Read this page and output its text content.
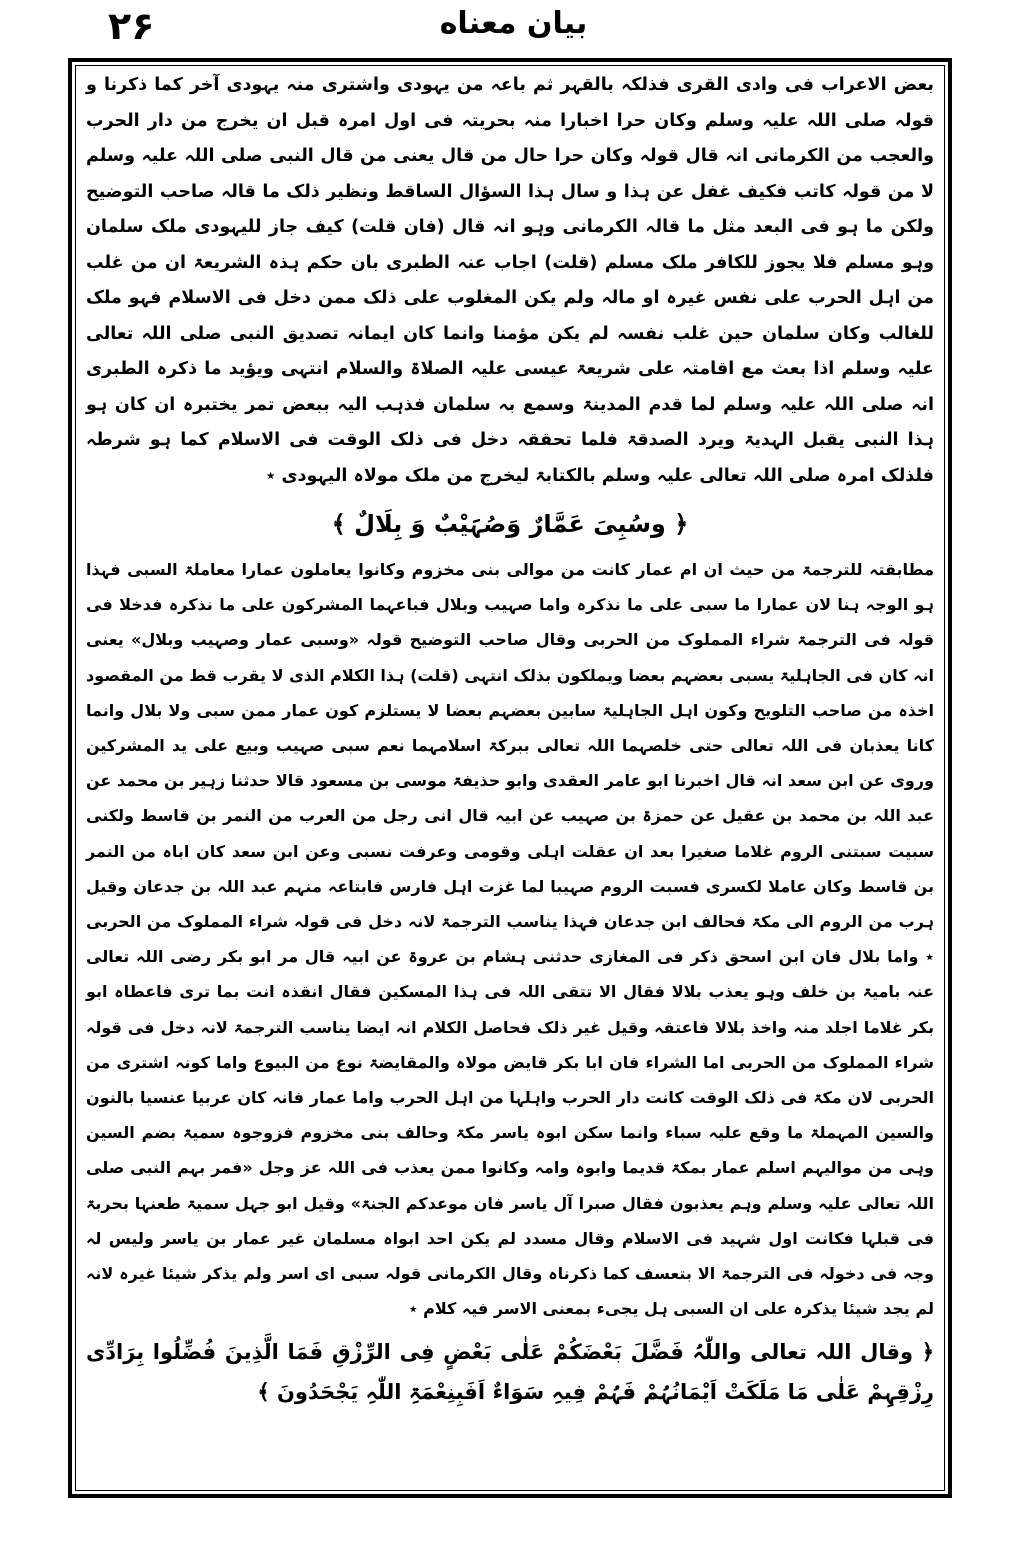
۲۶	بیان معناه

بعض الاعراب فی وادی القری فذلکہ بالقہر ثم باعہ من یہودی واشتری منہ یہودی آخر کما ذکرنا و قولہ صلی اللہ علیہ وسلم وکان حرا اخبارا منہ بحریتہ فی اول امرہ قبل ان یخرج من دار الحرب والعجب من الکرمانی انہ قال قولہ وکان حرا حال من قال یعنی من قال النبی صلی اللہ علیہ وسلم لا من قولہ کاتب فکیف غفل عن ہذا و سال ہذا السؤال الساقط ونظیر ذلک ما قالہ صاحب التوضیح ولکن ما ہو فی البعد مثل ما قالہ الکرمانی وہو انہ قال (فان قلت) کیف جاز للیہودی ملک سلمان وہو مسلم فلا یجوز للکافر ملک مسلم (قلت) اجاب عنہ الطبری بان حکم ہذہ الشریعۃ ان من غلب من اہل الحرب علی نفس غیرہ او مالہ ولم یکن المغلوب علی ذلک ممن دخل فی الاسلام فہو ملک للغالب وکان سلمان حین غلب نفسہ لم یکن مؤمنا وانما کان ایمانہ تصدیق النبی صلی اللہ تعالی علیہ وسلم اذا بعث مع اقامتہ علی شریعۃ عیسی علیہ الصلاۃ والسلام انتہی ویؤید ما ذکرہ الطبری انہ صلی اللہ علیہ وسلم لما قدم المدینۃ وسمع بہ سلمان فذہب الیہ ببعض تمر یختبرہ ان کان ہو ہذا النبی یقبل الہدیۃ ویرد الصدقۃ فلما تحققہ دخل فی ذلک الوقت فی الاسلام کما ہو شرطہ فلذلک امرہ صلی اللہ تعالی علیہ وسلم بالکتابۃ لیخرج من ملک مولاہ الیہودی ٭

﴿ وسُبِیَ عَمَّارٌ وَصُہَیْبٌ وَ بِلَالٌ ﴾

مطابقتہ للترجمۃ من حیث ان ام عمار کانت من موالی بنی مخزوم وکانوا یعاملون عمارا معاملۃ السبی فہذا ہو الوجہ ہنا لان عمارا ما سبی علی ما نذکرہ واما صہیب وبلال فباعہما المشرکون علی ما نذکرہ فدخلا فی قولہ فی الترجمۃ شراء المملوک من الحربی وقال صاحب التوضیح قولہ «وسبی عمار وصہیب وبلال» یعنی انہ کان فی الجاہلیۃ یسبی بعضہم بعضا ویملکون بذلک انتہی (قلت) ہذا الکلام الذی لا یقرب قط من المقصود اخذہ من صاحب التلویح وکون اہل الجاہلیۃ سابین بعضہم بعضا لا یستلزم کون عمار ممن سبی ولا بلال وانما کانا یعذبان فی اللہ تعالی حتی خلصہما اللہ تعالی ببرکۃ اسلامہما نعم سبی صہیب وبیع علی ید المشرکین وروی عن ابن سعد انہ قال اخبرنا ابو عامر العقدی وابو حذیفۃ موسی بن مسعود قالا حدثنا زہیر بن محمد عن عبد اللہ بن محمد بن عقیل عن حمزۃ بن صہیب عن ابیہ قال انی رجل من العرب من النمر بن قاسط ولکنی سبیت سبتنی الروم غلاما صغیرا بعد ان عقلت اہلی وقومی وعرفت نسبی وعن ابن سعد کان اباہ من النمر بن قاسط وکان عاملا لکسری فسبت الروم صہیبا لما غزت اہل فارس فابتاعہ منہم عبد اللہ بن جدعان وقیل ہرب من الروم الی مکۃ فحالف ابن جدعان فہذا یناسب الترجمۃ لانہ دخل فی قولہ شراء المملوک من الحربی ٭ واما بلال فان ابن اسحق ذکر فی المغازی حدثنی ہشام بن عروۃ عن ابیہ قال مر ابو بکر رضی اللہ تعالی عنہ بامیۃ بن خلف وہو یعذب بلالا فقال الا تتقی اللہ فی ہذا المسکین فقال انقذہ انت بما تری فاعطاہ ابو بکر غلاما اجلد منہ واخذ بلالا فاعتقہ وقیل غیر ذلک فحاصل الکلام انہ ایضا یناسب الترجمۃ لانہ دخل فی قولہ شراء المملوک من الحربی اما الشراء فان ابا بکر قایض مولاہ والمقایضۃ نوع من البیوع واما کونہ اشتری من الحربی لان مکۃ فی ذلک الوقت کانت دار الحرب واہلہا من اہل الحرب واما عمار فانہ کان عربیا عنسیا بالنون والسین المہملۃ ما وقع علیہ سباء وانما سکن ابوہ یاسر مکۃ وحالف بنی مخزوم فزوجوہ سمیۃ بضم السین وہی من موالیہم اسلم عمار بمکۃ قدیما وابوہ وامہ وکانوا ممن یعذب فی اللہ عز وجل «فمر بہم النبی صلی اللہ تعالی علیہ وسلم وہم یعذبون فقال صبرا آل یاسر فان موعدکم الجنۃ» وقیل ابو جہل سمیۃ طعنہا بحربۃ فی قبلہا فکانت اول شہید فی الاسلام وقال مسدد لم یکن احد ابواہ مسلمان غیر عمار بن یاسر ولیس لہ وجہ فی دخولہ فی الترجمۃ الا بتعسف کما ذکرناہ وقال الکرمانی قولہ سبی ای اسر ولم یذکر شیئا غیرہ لانہ لم یجد شیئا یذکرہ علی ان السبی ہل یجیء بمعنی الاسر فیہ کلام ٭

﴿ وقال اللہ تعالی واللّٰہُ فَضَّلَ بَعْضَکُمْ عَلٰی بَعْضٍ فِی الرِّزْقِ فَمَا الَّذِینَ فُضِّلُوا بِرَادِّی رِزْقِہِمْ عَلٰی مَا مَلَکَتْ اَیْمَانُہُمْ فَہُمْ فِیہِ سَوَاءٌ اَفَبِنِعْمَۃِ اللّٰہِ یَجْحَدُونَ ﴾
